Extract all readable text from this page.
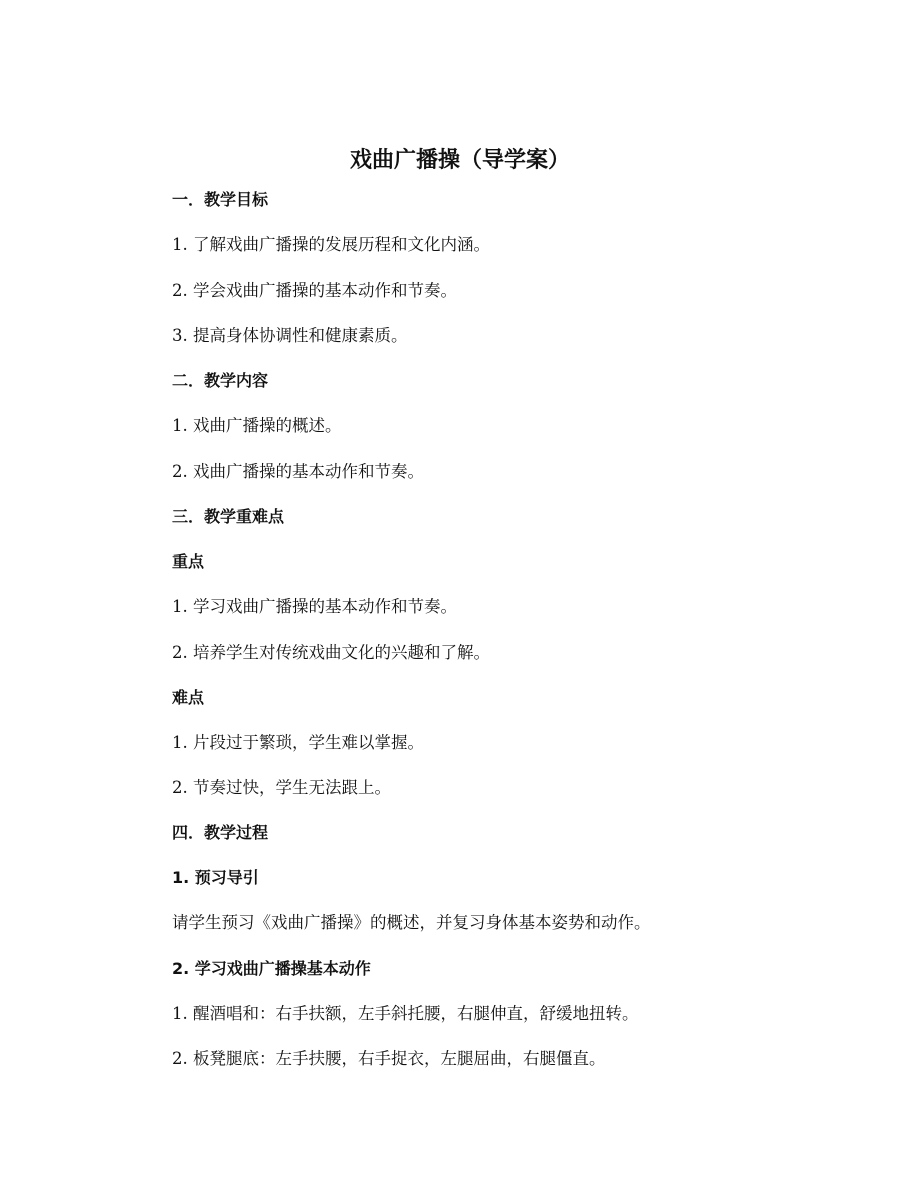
戏曲广播操（导学案）
一．教学目标
1. 了解戏曲广播操的发展历程和文化内涵。
2. 学会戏曲广播操的基本动作和节奏。
3. 提高身体协调性和健康素质。
二．教学内容
1. 戏曲广播操的概述。
2. 戏曲广播操的基本动作和节奏。
三．教学重难点
重点
1. 学习戏曲广播操的基本动作和节奏。
2. 培养学生对传统戏曲文化的兴趣和了解。
难点
1. 片段过于繁琐，学生难以掌握。
2. 节奏过快，学生无法跟上。
四．教学过程
1. 预习导引
请学生预习《戏曲广播操》的概述，并复习身体基本姿势和动作。
2. 学习戏曲广播操基本动作
1. 醒酒唱和：右手扶额，左手斜托腰，右腿伸直，舒缓地扭转。
2. 板凳腿底：左手扶腰，右手捉衣，左腿屈曲，右腿僵直。
